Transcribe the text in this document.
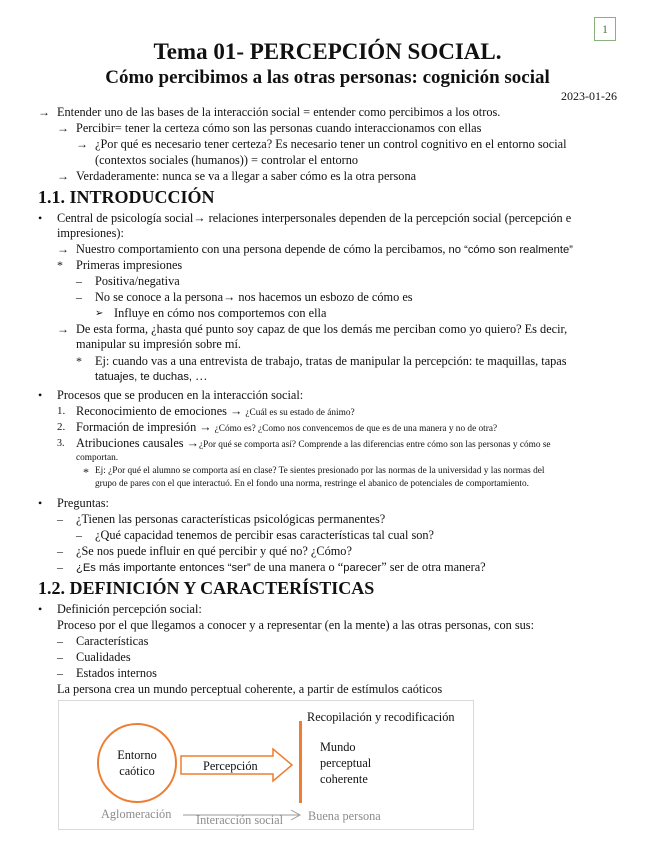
1
Tema 01- PERCEPCIÓN SOCIAL.
Cómo percibimos a las otras personas: cognición social
2023-01-26
→ Entender uno de las bases de la interacción social = entender como percibimos a los otros.
→ Percibir= tener la certeza cómo son las personas cuando interaccionamos con ellas
→ ¿Por qué es necesario tener certeza? Es necesario tener un control cognitivo en el entorno social
(contextos sociales (humanos)) = controlar el entorno
→ Verdaderamente: nunca se va a llegar a saber cómo es la otra persona
1.1. INTRODUCCIÓN
• Central de psicología social→ relaciones interpersonales dependen de la percepción social (percepción e
impresiones):
→ Nuestro comportamiento con una persona depende de cómo la percibamos, no “cómo son realmente”
* Primeras impresiones
– Positiva/negativa
– No se conoce a la persona→ nos hacemos un esbozo de cómo es
➢ Influye en cómo nos comportemos con ella
→ De esta forma, ¿hasta qué punto soy capaz de que los demás me perciban como yo quiero? Es decir,
manipular su impresión sobre mí.
* Ej: cuando vas a una entrevista de trabajo, tratas de manipular la percepción: te maquillas, tapas
tatuajes, te duchas, …
• Procesos que se producen en la interacción social:
1. Reconocimiento de emociones → ¿Cuál es su estado de ánimo?
2. Formación de impresión → ¿Cómo es? ¿Como nos convencemos de que es de una manera y no de otra?
3. Atribuciones causales →¿Por qué se comporta así? Comprende a las diferencias entre cómo son las personas y cómo se
comportan.
* Ej: ¿Por qué el alumno se comporta así en clase? Te sientes presionado por las normas de la universidad y las normas del
grupo de pares con el que interactuó. En el fondo una norma, restringe el abanico de potenciales de comportamiento.
• Preguntas:
– ¿Tienen las personas características psicológicas permanentes?
– ¿Qué capacidad tenemos de percibir esas características tal cual son?
– ¿Se nos puede influir en qué percibir y qué no? ¿Cómo?
– ¿Es más importante entonces “ser” de una manera o “parecer” ser de otra manera?
1.2. DEFINICIÓN Y CARACTERÍSTICAS
• Definición percepción social:
Proceso por el que llegamos a conocer y a representar (en la mente) a las otras personas, con sus:
– Características
– Cualidades
– Estados internos
La persona crea un mundo perceptual coherente, a partir de estímulos caóticos
Recopilación y recodificación
Entorno
caótico	Percepción
Mundo
perceptual
coherente
Aglomeración Interacción social Buena persona
